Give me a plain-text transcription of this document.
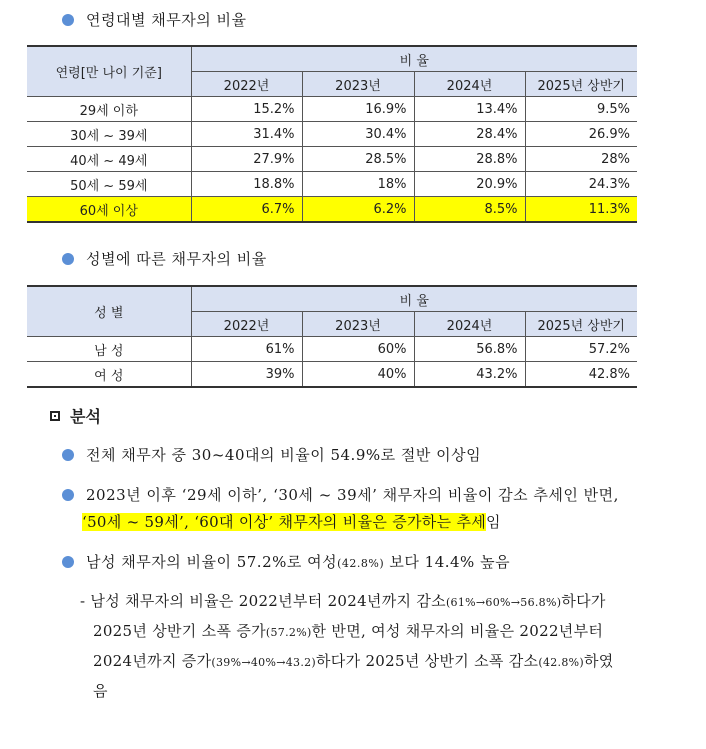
연령대별 채무자의 비율
연령[만 나이 기준]	비 율			
	2022년	2023년	2024년	2025년 상반기
29세 이하	15.2%	16.9%	13.4%	9.5%
30세 ~ 39세	31.4%	30.4%	28.4%	26.9%
40세 ~ 49세	27.9%	28.5%	28.8%	28%
50세 ~ 59세	18.8%	18%	20.9%	24.3%
60세 이상	6.7%	6.2%	8.5%	11.3%
성별에 따른 채무자의 비율
성 별	비 율			
	2022년	2023년	2024년	2025년 상반기
남 성	61%	60%	56.8%	57.2%
여 성	39%	40%	43.2%	42.8%
분석
전체 채무자 중 30~40대의 비율이 54.9%로 절반 이상임
2023년 이후 ‘29세 이하’, ‘30세 ~ 39세’ 채무자의 비율이 감소 추세인 반면,
‘50세 ~ 59세’, ‘60대 이상’ 채무자의 비율은 증가하는 추세임
남성 채무자의 비율이 57.2%로 여성(42.8%) 보다 14.4% 높음
- 남성 채무자의 비율은 2022년부터 2024년까지 감소(61%→60%→56.8%)하다가
2025년 상반기 소폭 증가(57.2%)한 반면, 여성 채무자의 비율은 2022년부터
2024년까지 증가(39%→40%→43.2)하다가 2025년 상반기 소폭 감소(42.8%)하였
음
